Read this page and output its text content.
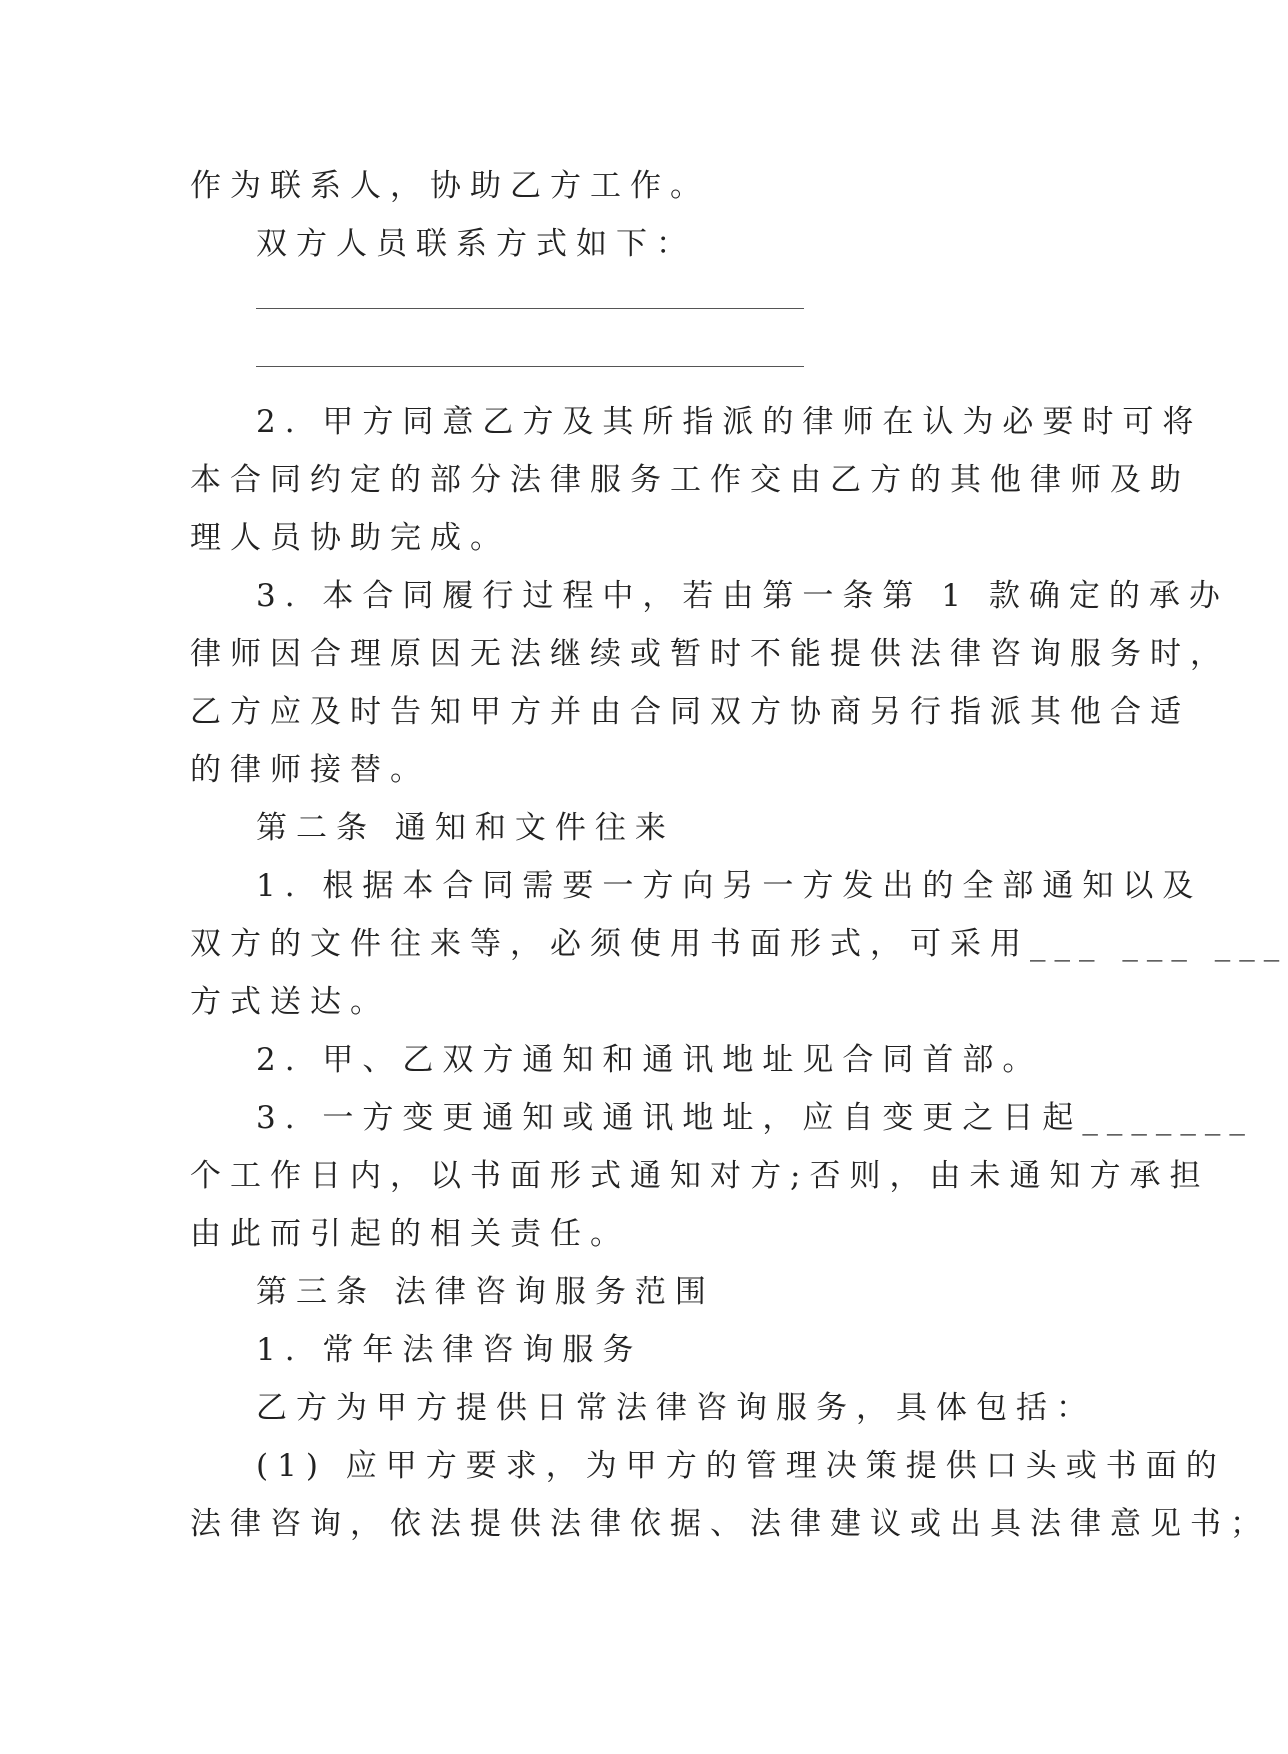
作为联系人，协助乙方工作。
双方人员联系方式如下：
2. 甲方同意乙方及其所指派的律师在认为必要时可将
本合同约定的部分法律服务工作交由乙方的其他律师及助
理人员协助完成。
3. 本合同履行过程中，若由第一条第 1 款确定的承办
律师因合理原因无法继续或暂时不能提供法律咨询服务时，
乙方应及时告知甲方并由合同双方协商另行指派其他合适
的律师接替。
第二条 通知和文件往来
1. 根据本合同需要一方向另一方发出的全部通知以及
双方的文件往来等，必须使用书面形式，可采用___ ___ ___
方式送达。
2. 甲、乙双方通知和通讯地址见合同首部。
3. 一方变更通知或通讯地址，应自变更之日起_______
个工作日内，以书面形式通知对方;否则，由未通知方承担
由此而引起的相关责任。
第三条 法律咨询服务范围
1. 常年法律咨询服务
乙方为甲方提供日常法律咨询服务，具体包括：
(1) 应甲方要求，为甲方的管理决策提供口头或书面的
法律咨询，依法提供法律依据、法律建议或出具法律意见书；
